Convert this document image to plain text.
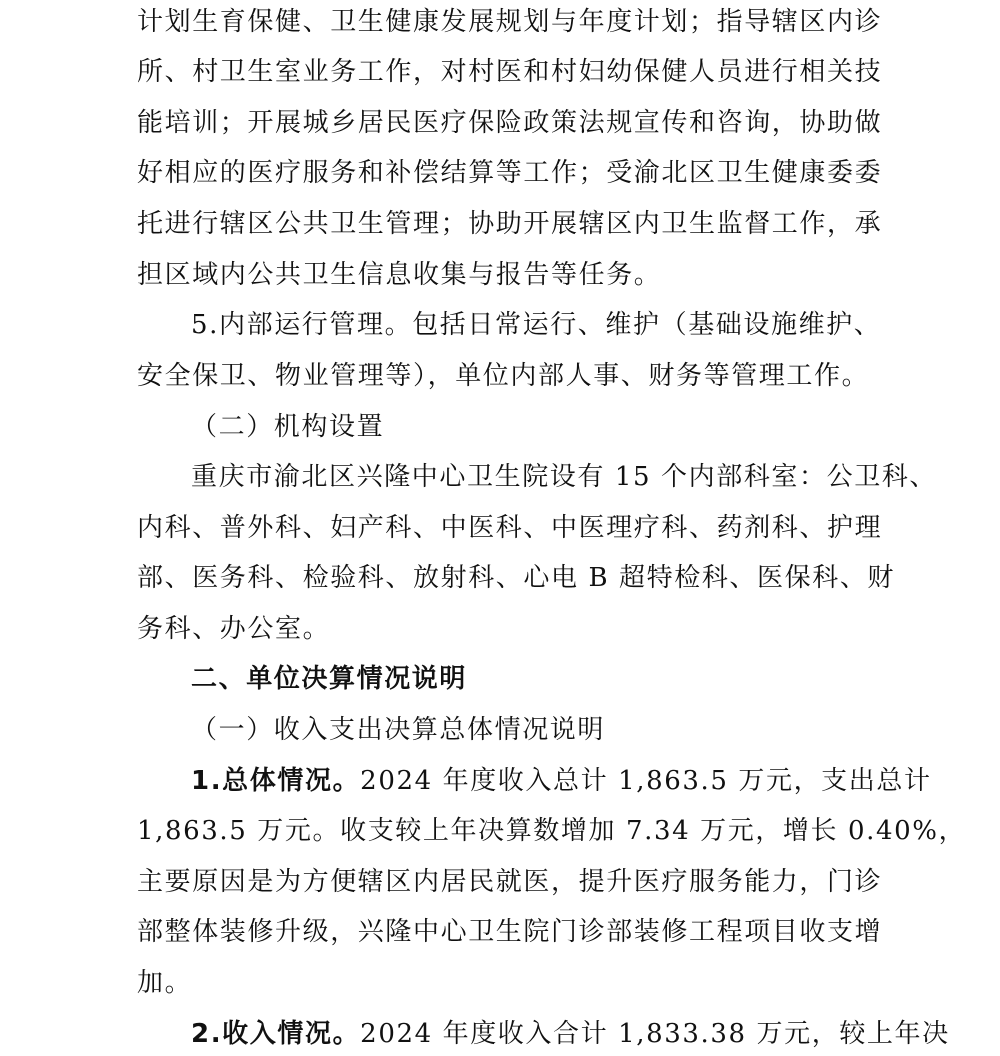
计划生育保健、卫生健康发展规划与年度计划；指导辖区内诊
所、村卫生室业务工作，对村医和村妇幼保健人员进行相关技
能培训；开展城乡居民医疗保险政策法规宣传和咨询，协助做
好相应的医疗服务和补偿结算等工作；受渝北区卫生健康委委
托进行辖区公共卫生管理；协助开展辖区内卫生监督工作，承
担区域内公共卫生信息收集与报告等任务。
5.内部运行管理。包括日常运行、维护（基础设施维护、
安全保卫、物业管理等），单位内部人事、财务等管理工作。
（二）机构设置
重庆市渝北区兴隆中心卫生院设有 15 个内部科室：公卫科、
内科、普外科、妇产科、中医科、中医理疗科、药剂科、护理
部、医务科、检验科、放射科、心电 B 超特检科、医保科、财
务科、办公室。
二、单位决算情况说明
（一）收入支出决算总体情况说明
1.总体情况。2024 年度收入总计 1,863.5 万元，支出总计
1,863.5 万元。收支较上年决算数增加 7.34 万元，增长 0.40%，
主要原因是为方便辖区内居民就医，提升医疗服务能力，门诊
部整体装修升级，兴隆中心卫生院门诊部装修工程项目收支增
加。
2.收入情况。2024 年度收入合计 1,833.38 万元，较上年决
